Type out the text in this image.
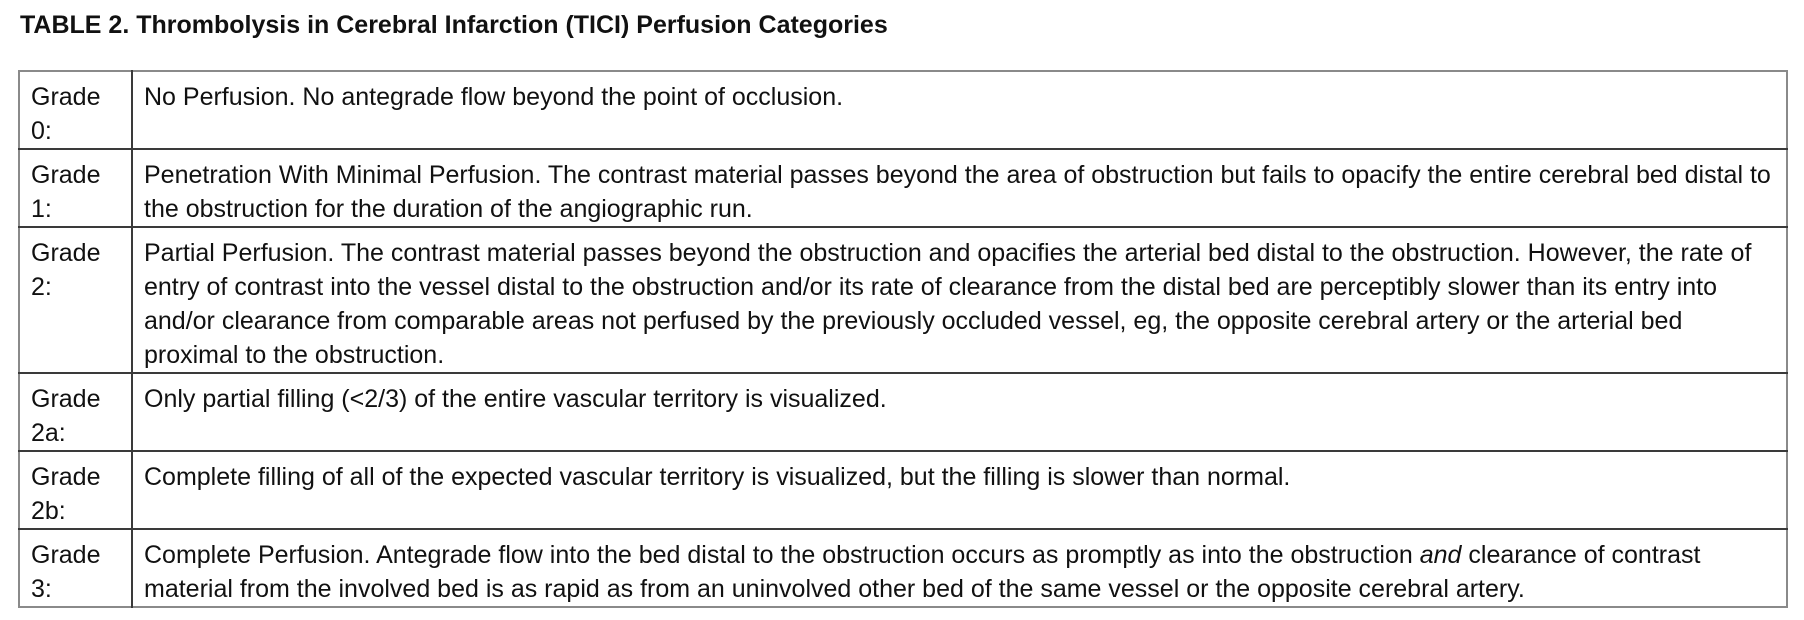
TABLE 2. Thrombolysis in Cerebral Infarction (TICI) Perfusion Categories
Grade 0:	No Perfusion. No antegrade flow beyond the point of occlusion.
Grade 1:	Penetration With Minimal Perfusion. The contrast material passes beyond the area of obstruction but fails to opacify the entire cerebral bed distal to the obstruction for the duration of the angiographic run.
Grade 2:	Partial Perfusion. The contrast material passes beyond the obstruction and opacifies the arterial bed distal to the obstruction. However, the rate of entry of contrast into the vessel distal to the obstruction and/or its rate of clearance from the distal bed are perceptibly slower than its entry into and/or clearance from comparable areas not perfused by the previously occluded vessel, eg, the opposite cerebral artery or the arterial bed proximal to the obstruction.
Grade 2a:	Only partial filling (<2/3) of the entire vascular territory is visualized.
Grade 2b:	Complete filling of all of the expected vascular territory is visualized, but the filling is slower than normal.
Grade 3:	Complete Perfusion. Antegrade flow into the bed distal to the obstruction occurs as promptly as into the obstruction and clearance of contrast material from the involved bed is as rapid as from an uninvolved other bed of the same vessel or the opposite cerebral artery.
